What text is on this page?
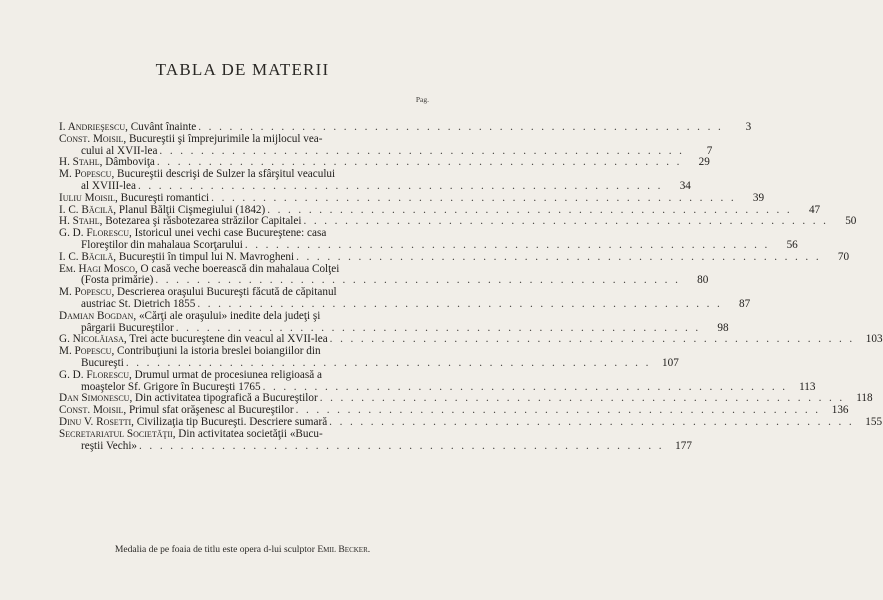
TABLA DE MATERII
Pag.
I. Andrieşescu, Cuvânt înainte . . . . . . . . . . . . . . . . . . . . . . . . . . . . . . . . . . . . . . . . . . . . . . . . . . .	3
Const. Moisil, Bucureştii şi împrejurimile la mijlocul vea-
cului al XVII-lea . . . . . . . . . . . . . . . . . . . . . . . . . . . . . . . . . . . . . . . . . . . . . . . . . . .	7
H. Stahl, Dâmboviţa . . . . . . . . . . . . . . . . . . . . . . . . . . . . . . . . . . . . . . . . . . . . . . . . . . .	29
M. Popescu, Bucureştii descrişi de Sulzer la sfârşitul veacului
al XVIII-lea . . . . . . . . . . . . . . . . . . . . . . . . . . . . . . . . . . . . . . . . . . . . . . . . . . .	34
Iuliu Moisil, Bucureşti romantici . . . . . . . . . . . . . . . . . . . . . . . . . . . . . . . . . . . . . . . . . . . . . . . . . . .	39
I. C. Băcilă, Planul Bălţii Cişmegiului (1842) . . . . . . . . . . . . . . . . . . . . . . . . . . . . . . . . . . . . . . . . . . . . . . . . . . .	47
H. Stahl, Botezarea şi răsbotezarea străzilor Capitalei . . . . . . . . . . . . . . . . . . . . . . . . . . . . . . . . . . . . . . . . . . . . . . . . . . .	50
G. D. Florescu, Istoricul unei vechi case Bucureştene: casa
Floreştilor din mahalaua Scorţarului . . . . . . . . . . . . . . . . . . . . . . . . . . . . . . . . . . . . . . . . . . . . . . . . . . .	56
I. C. Băcilă, Bucureştii în timpul lui N. Mavrogheni . . . . . . . . . . . . . . . . . . . . . . . . . . . . . . . . . . . . . . . . . . . . . . . . . . .	70
Em. Hagi Mosco, O casă veche boerească din mahalaua Colţei
(Fosta primărie) . . . . . . . . . . . . . . . . . . . . . . . . . . . . . . . . . . . . . . . . . . . . . . . . . . .	80
M. Popescu, Descrierea oraşului Bucureşti făcută de căpitanul
austriac St. Dietrich 1855 . . . . . . . . . . . . . . . . . . . . . . . . . . . . . . . . . . . . . . . . . . . . . . . . . . .	87
Damian Bogdan, «Cărţi ale oraşului» inedite dela judeţi şi
pârgarii Bucureştilor . . . . . . . . . . . . . . . . . . . . . . . . . . . . . . . . . . . . . . . . . . . . . . . . . . .	98
G. Nicolăiasa, Trei acte bucureştene din veacul al XVII-lea . . . . . . . . . . . . . . . . . . . . . . . . . . . . . . . . . . . . . . . . . . . . . . . . . . .	103
M. Popescu, Contribuţiuni la istoria breslei boiangiilor din
Bucureşti . . . . . . . . . . . . . . . . . . . . . . . . . . . . . . . . . . . . . . . . . . . . . . . . . . .	107
G. D. Florescu, Drumul urmat de procesiunea religioasă a
moaştelor Sf. Grigore în Bucureşti 1765 . . . . . . . . . . . . . . . . . . . . . . . . . . . . . . . . . . . . . . . . . . . . . . . . . . .	113
Dan Simonescu, Din activitatea tipografică a Bucureştilor . . . . . . . . . . . . . . . . . . . . . . . . . . . . . . . . . . . . . . . . . . . . . . . . . . .	118
Const. Moisil, Primul sfat orăşenesc al Bucureştilor . . . . . . . . . . . . . . . . . . . . . . . . . . . . . . . . . . . . . . . . . . . . . . . . . . .	136
Dinu V. Rosetti, Civilizaţia tip Bucureşti. Descriere sumară . . . . . . . . . . . . . . . . . . . . . . . . . . . . . . . . . . . . . . . . . . . . . . . . . . .	155
Secretariatul Societăţii, Din activitatea societăţii «Bucu-
reştii Vechi» . . . . . . . . . . . . . . . . . . . . . . . . . . . . . . . . . . . . . . . . . . . . . . . . . . .	177
Medalia de pe foaia de titlu este opera d-lui sculptor Emil Becker.
